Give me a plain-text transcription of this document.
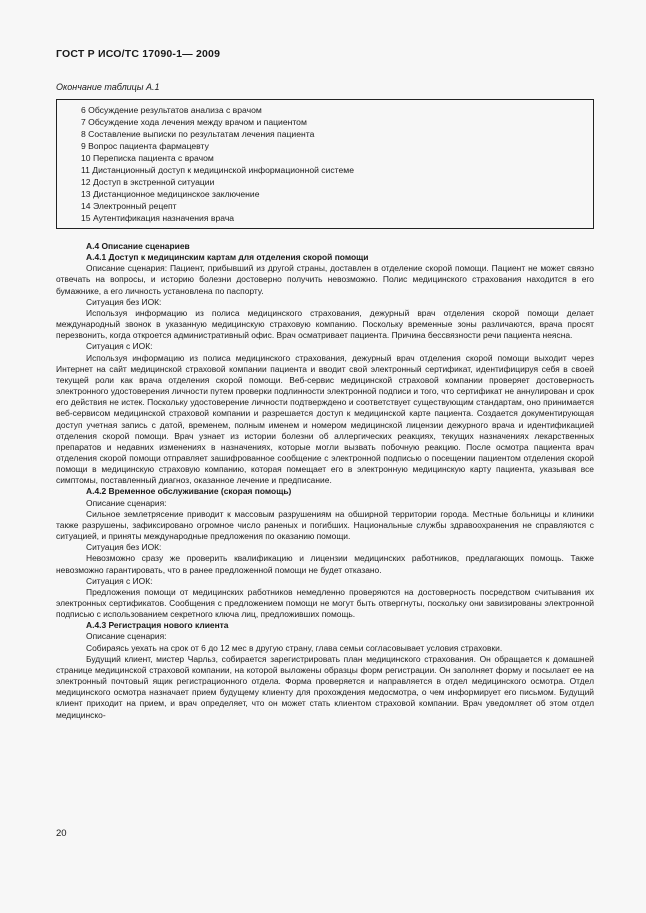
ГОСТ Р ИСО/ТС 17090-1— 2009
Окончание таблицы А.1
6 Обсуждение результатов анализа с врачом
7 Обсуждение хода лечения между врачом и пациентом
8 Составление выписки по результатам лечения пациента
9 Вопрос пациента фармацевту
10 Переписка пациента с врачом
11 Дистанционный доступ к медицинской информационной системе
12 Доступ в экстренной ситуации
13 Дистанционное медицинское заключение
14 Электронный рецепт
15 Аутентификация назначения врача

А.4 Описание сценариев

А.4.1 Доступ к медицинским картам для отделения скорой помощи

Описание сценария: Пациент, прибывший из другой страны, доставлен в отделение скорой помощи. Пациент не может связно отвечать на вопросы, и историю болезни достоверно получить невозможно. Полис медицинского страхования находится в его бумажнике, а его личность установлена по паспорту.

Ситуация без ИОК:

Используя информацию из полиса медицинского страхования, дежурный врач отделения скорой помощи делает международный звонок в указанную медицинскую страховую компанию. Поскольку временные зоны различаются, врача просят перезвонить, когда откроется административный офис. Врач осматривает пациента. Причина бессвязности речи пациента неясна.

Ситуация с ИОК:

Используя информацию из полиса медицинского страхования, дежурный врач отделения скорой помощи выходит через Интернет на сайт медицинской страховой компании пациента и вводит свой электронный сертификат, идентифицируя себя в своей текущей роли как врача отделения скорой помощи. Веб-сервис медицинской страховой компании проверяет достоверность электронного удостоверения личности путем проверки подлинности электронной подписи и того, что сертификат не аннулирован и срок его действия не истек. Поскольку удостоверение личности подтверждено и соответствует существующим стандартам, оно принимается веб-сервисом медицинской страховой компании и разрешается доступ к медицинской карте пациента. Создается документирующая доступ учетная запись с датой, временем, полным именем и номером медицинской лицензии дежурного врача и идентификацией отделения скорой помощи. Врач узнает из истории болезни об аллергических реакциях, текущих назначениях лекарственных препаратов и недавних изменениях в назначениях, которые могли вызвать побочную реакцию. После осмотра пациента врач отделения скорой помощи отправляет зашифрованное сообщение с электронной подписью о посещении пациентом отделения скорой помощи в медицинскую страховую компанию, которая помещает его в электронную медицинскую карту пациента, указывая все симптомы, поставленный диагноз, оказанное лечение и предписание.

А.4.2 Временное обслуживание (скорая помощь)

Описание сценария:

Сильное землетрясение приводит к массовым разрушениям на обширной территории города. Местные больницы и клиники также разрушены, зафиксировано огромное число раненых и погибших. Национальные службы здравоохранения не справляются с ситуацией, и приняты международные предложения по оказанию помощи.

Ситуация без ИОК:

Невозможно сразу же проверить квалификацию и лицензии медицинских работников, предлагающих помощь. Также невозможно гарантировать, что в ранее предложенной помощи не будет отказано.

Ситуация с ИОК:

Предложения помощи от медицинских работников немедленно проверяются на достоверность посредством считывания их электронных сертификатов. Сообщения с предложением помощи не могут быть отвергнуты, поскольку они завизированы электронной подписью с использованием секретного ключа лиц, предложивших помощь.

А.4.3 Регистрация нового клиента

Описание сценария:

Собираясь уехать на срок от 6 до 12 мес в другую страну, глава семьи согласовывает условия страховки.

Будущий клиент, мистер Чарльз, собирается зарегистрировать план медицинского страхования. Он обращается к домашней странице медицинской страховой компании, на которой выложены образцы форм регистрации. Он заполняет форму и посылает ее на электронный почтовый ящик регистрационного отдела. Форма проверяется и направляется в отдел медицинского осмотра. Отдел медицинского осмотра назначает прием будущему клиенту для прохождения медосмотра, о чем информирует его письмом. Будущий клиент приходит на прием, и врач определяет, что он может стать клиентом страховой компании. Врач уведомляет об этом отдел медицинско-

20
